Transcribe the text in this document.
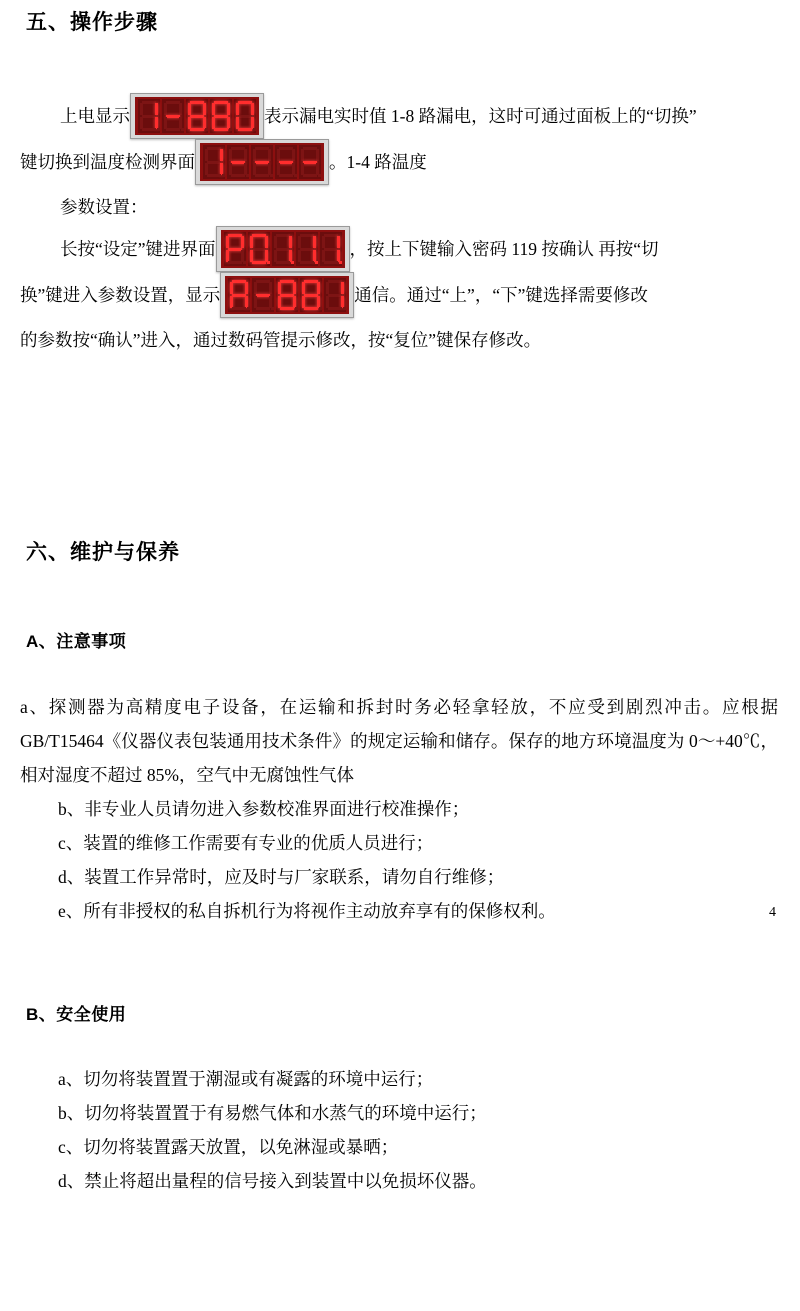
五、操作步骤
上电显示	表示漏电实时值 1-8 路漏电，这时可通过面板上的“切换”
键切换到温度检测界面	。1-4 路温度
参数设置：
长按“设定”键进界面	，按上下键输入密码 119 按确认 再按“切
换”键进入参数设置，显示	通信。通过“上”，“下”键选择需要修改
的参数按“确认”进入，通过数码管提示修改，按“复位”键保存修改。
六、维护与保养
A、注意事项

a、探测器为高精度电子设备，在运输和拆封时务必轻拿轻放，不应受到剧烈冲击。应根据 GB/T15464《仪器仪表包装通用技术条件》的规定运输和储存。保存的地方环境温度为 0～+40℃，相对湿度不超过 85%，空气中无腐蚀性气体

b、非专业人员请勿进入参数校准界面进行校准操作；

c、装置的维修工作需要有专业的优质人员进行；

d、装置工作异常时，应及时与厂家联系，请勿自行维修；

e、所有非授权的私自拆机行为将视作主动放弃享有的保修权利。

B、安全使用

a、切勿将装置置于潮湿或有凝露的环境中运行；

b、切勿将装置置于有易燃气体和水蒸气的环境中运行；

c、切勿将装置露天放置，以免淋湿或暴晒；

d、禁止将超出量程的信号接入到装置中以免损坏仪器。

4
